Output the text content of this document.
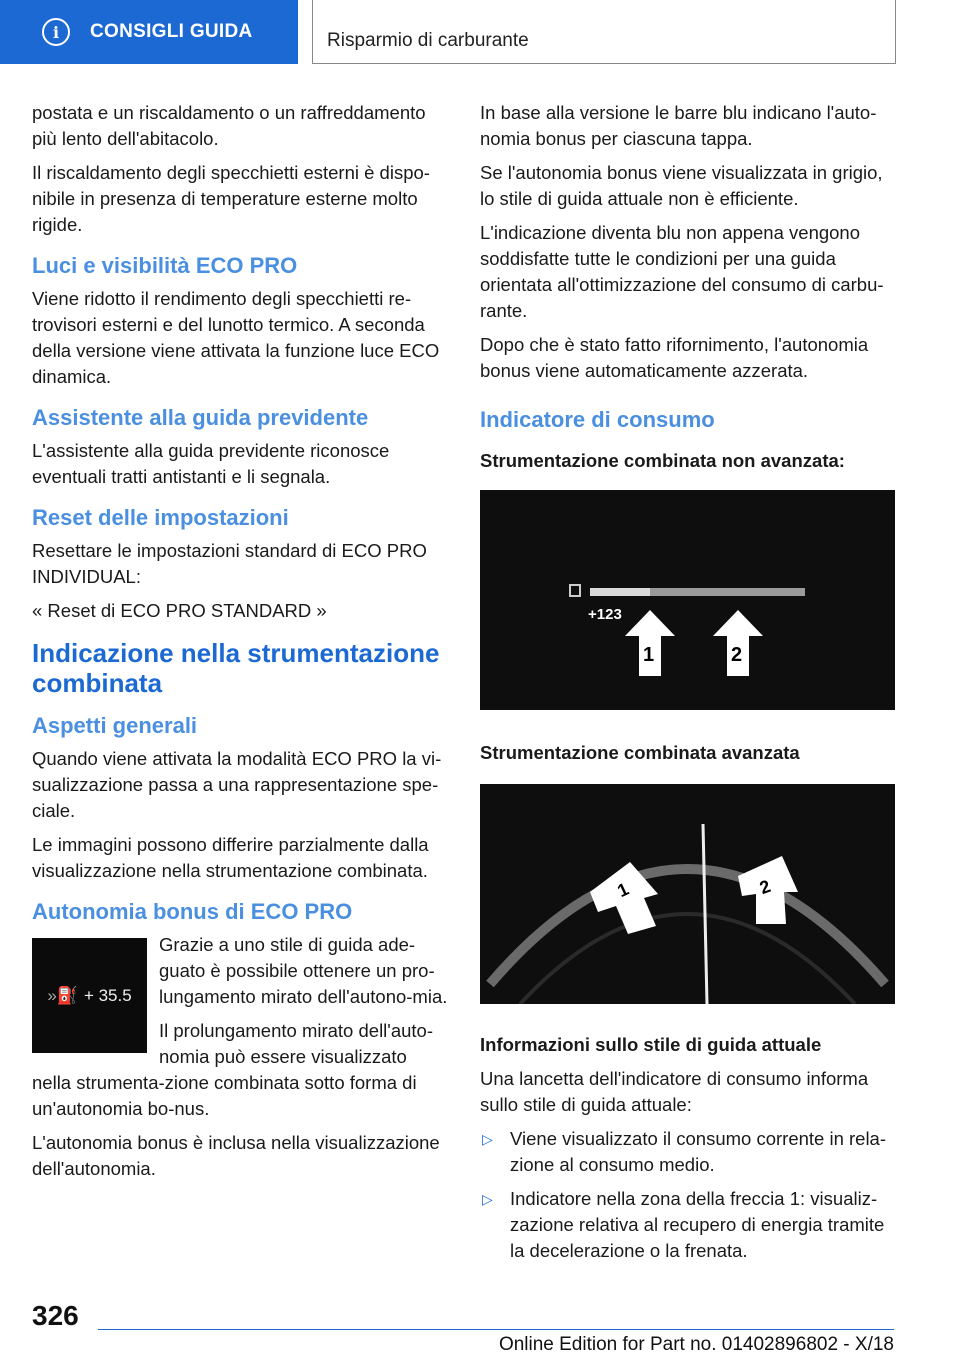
i	CONSIGLI GUIDA	Risparmio di carburante

postata e un riscaldamento o un raffreddamento più lento dell'abitacolo.

Il riscaldamento degli specchietti esterni è dispo-nibile in presenza di temperature esterne molto rigide.

Luci e visibilità ECO PRO

Viene ridotto il rendimento degli specchietti re-trovisori esterni e del lunotto termico. A seconda della versione viene attivata la funzione luce ECO dinamica.

Assistente alla guida previdente

L'assistente alla guida previdente riconosce eventuali tratti antistanti e li segnala.

Reset delle impostazioni

Resettare le impostazioni standard di ECO PRO INDIVIDUAL:

« Reset di ECO PRO STANDARD »

Indicazione nella strumentazione combinata
Aspetti generali

Quando viene attivata la modalità ECO PRO la vi-sualizzazione passa a una rappresentazione spe-ciale.

Le immagini possono differire parzialmente dalla visualizzazione nella strumentazione combinata.

Autonomia bonus di ECO PRO
»⛽ + 35.5

Grazie a uno stile di guida ade-guato è possibile ottenere un pro-lungamento mirato dell'autono-mia.

Il prolungamento mirato dell'auto-nomia può essere visualizzato nella strumenta-zione combinata sotto forma di un'autonomia bo-nus.

L'autonomia bonus è inclusa nella visualizzazione dell'autonomia.

In base alla versione le barre blu indicano l'auto-nomia bonus per ciascuna tappa.

Se l'autonomia bonus viene visualizzata in grigio, lo stile di guida attuale non è efficiente.

L'indicazione diventa blu non appena vengono soddisfatte tutte le condizioni per una guida orientata all'ottimizzazione del consumo di carbu-rante.

Dopo che è stato fatto rifornimento, l'autonomia bonus viene automaticamente azzerata.

Indicatore di consumo

Strumentazione combinata non avanzata:

+123
1	2

Strumentazione combinata avanzata

1	2

Informazioni sullo stile di guida attuale

Una lancetta dell'indicatore di consumo informa sullo stile di guida attuale:

▷ Viene visualizzato il consumo corrente in rela-zione al consumo medio.
▷ Indicatore nella zona della freccia 1: visualiz-zazione relativa al recupero di energia tramite la decelerazione o la frenata.
326
Online Edition for Part no. 01402896802 - X/18
